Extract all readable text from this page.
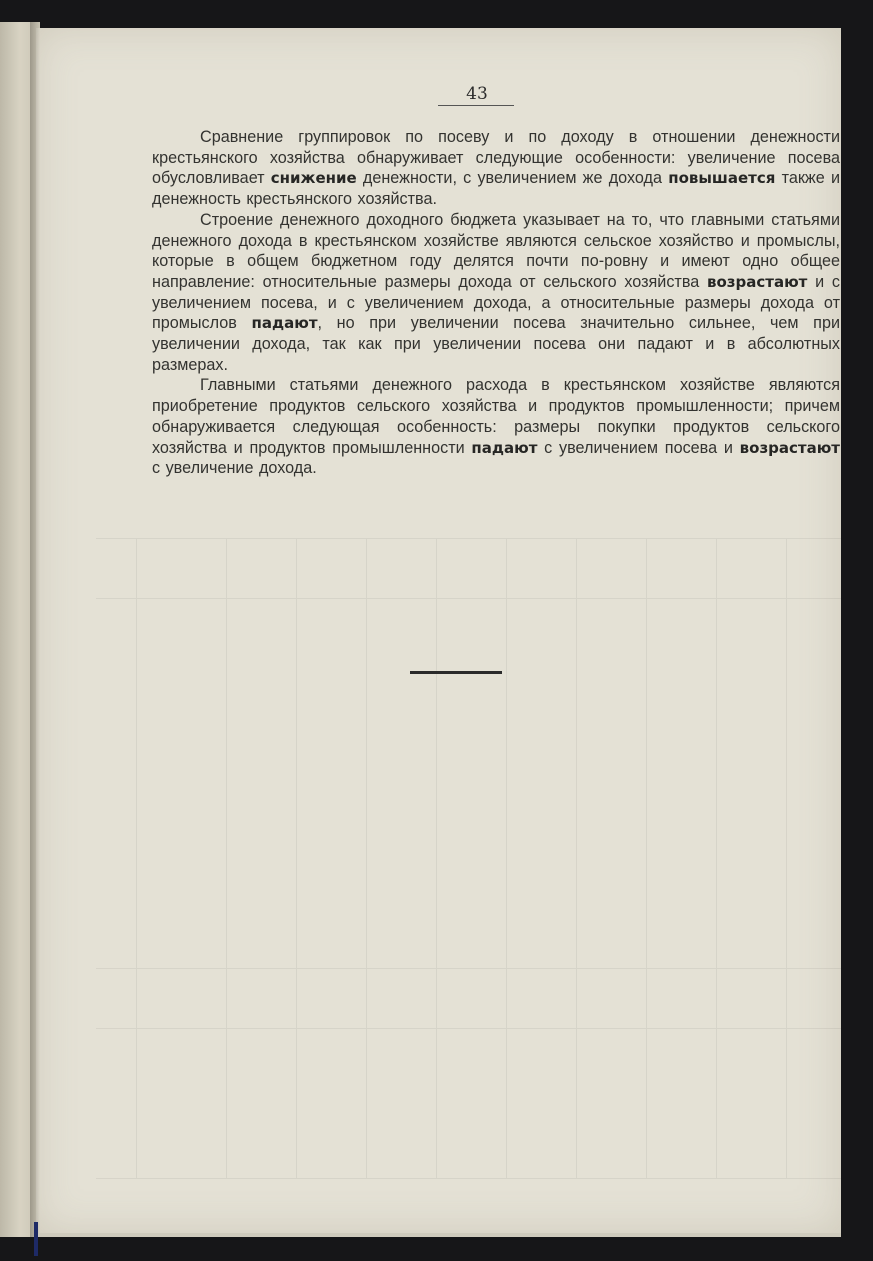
43

Сравнение группировок по посеву и по доходу в отношении денежности крестьянского хозяйства обнаруживает следующие особенности: увеличение посева обусловливает снижение денежности, с увеличением же дохода повышается также и денежность крестьянского хозяйства.

Строение денежного доходного бюджета указывает на то, что главными статьями денежного дохода в крестьянском хозяйстве являются сельское хозяйство и промыслы, которые в общем бюджетном году делятся почти по-ровну и имеют одно общее направление: относительные размеры дохода от сельского хозяйства возрастают и с увеличением посева, и с увеличением дохода, а относительные размеры дохода от промыслов падают, но при увеличении посева значительно сильнее, чем при увеличении дохода, так как при увеличении посева они падают и в абсолютных размерах.

Главными статьями денежного расхода в крестьянском хозяйстве являются приобретение продуктов сельского хозяйства и продуктов промышленности; причем обнаруживается следующая особенность: размеры покупки продуктов сельского хозяйства и продуктов промышленности падают с увеличением посева и возрастают с увеличение дохода.
